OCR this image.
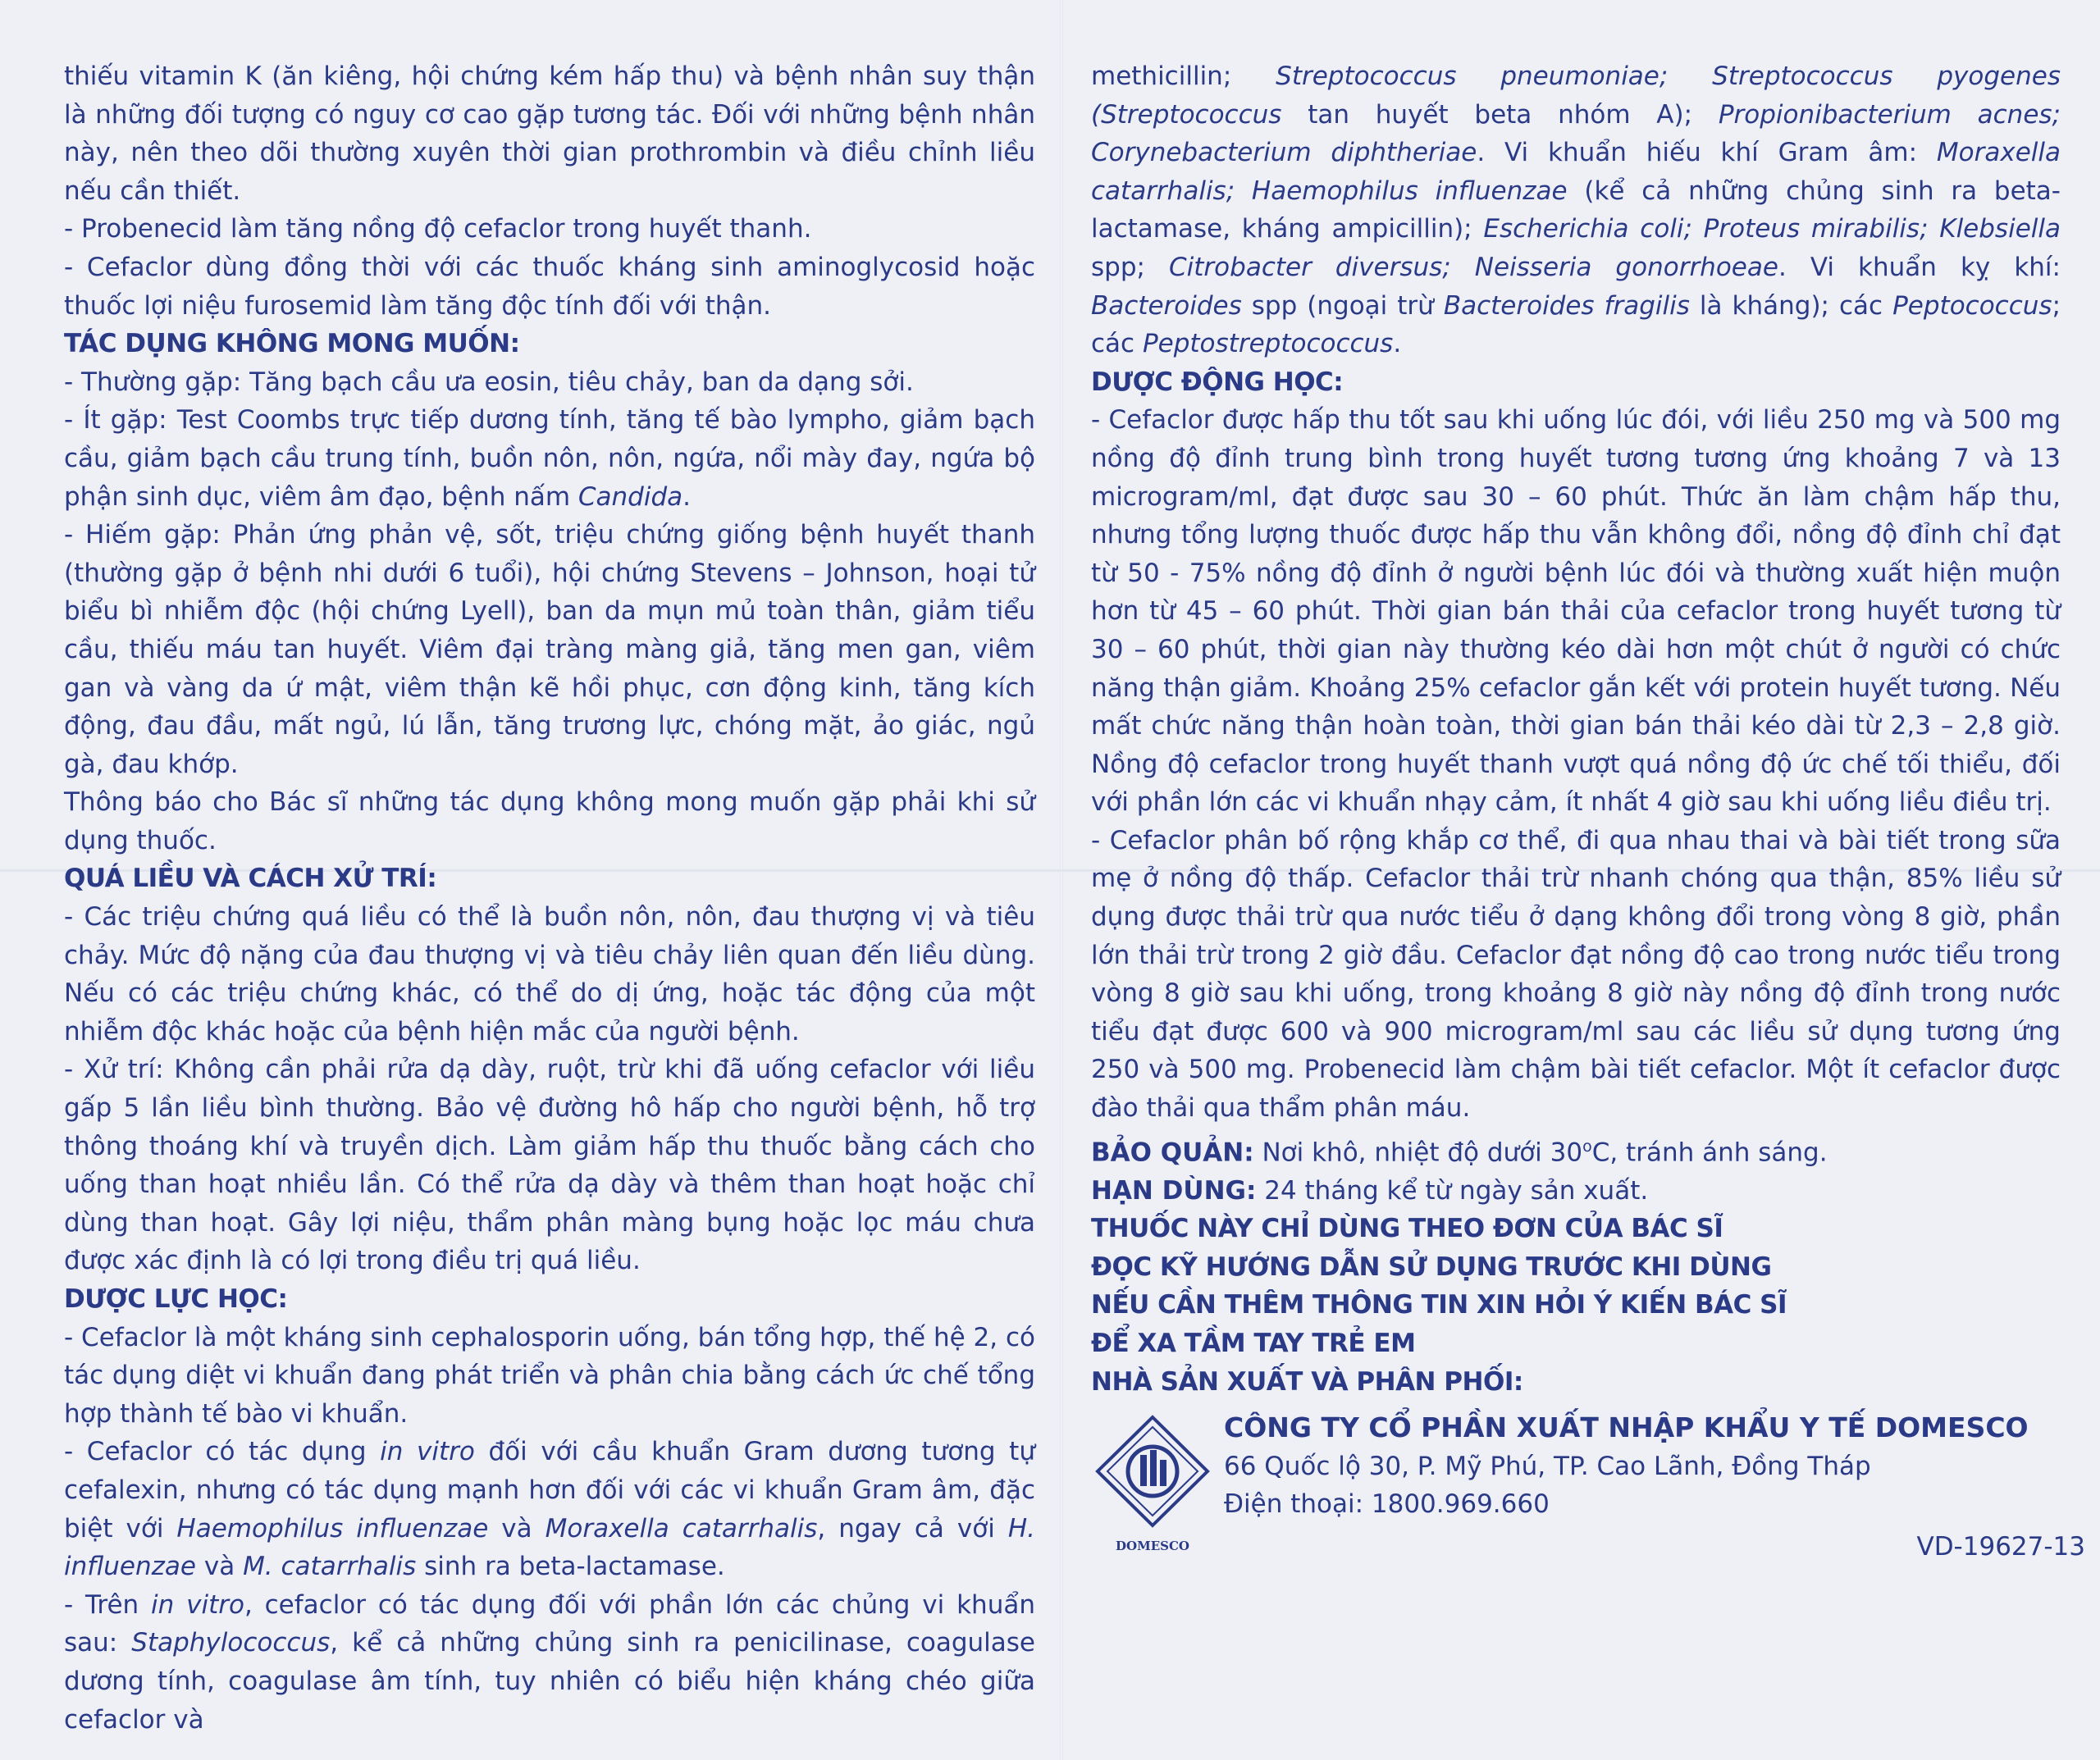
thiếu vitamin K (ăn kiêng, hội chứng kém hấp thu) và bệnh nhân suy thận là những đối tượng có nguy cơ cao gặp tương tác. Đối với những bệnh nhân này, nên theo dõi thường xuyên thời gian prothrombin và điều chỉnh liều nếu cần thiết.

- Probenecid làm tăng nồng độ cefaclor trong huyết thanh.

- Cefaclor dùng đồng thời với các thuốc kháng sinh aminoglycosid hoặc thuốc lợi niệu furosemid làm tăng độc tính đối với thận.

TÁC DỤNG KHÔNG MONG MUỐN:

- Thường gặp: Tăng bạch cầu ưa eosin, tiêu chảy, ban da dạng sởi.

- Ít gặp: Test Coombs trực tiếp dương tính, tăng tế bào lympho, giảm bạch cầu, giảm bạch cầu trung tính, buồn nôn, nôn, ngứa, nổi mày đay, ngứa bộ phận sinh dục, viêm âm đạo, bệnh nấm Candida.

- Hiếm gặp: Phản ứng phản vệ, sốt, triệu chứng giống bệnh huyết thanh (thường gặp ở bệnh nhi dưới 6 tuổi), hội chứng Stevens – Johnson, hoại tử biểu bì nhiễm độc (hội chứng Lyell), ban da mụn mủ toàn thân, giảm tiểu cầu, thiếu máu tan huyết. Viêm đại tràng màng giả, tăng men gan, viêm gan và vàng da ứ mật, viêm thận kẽ hồi phục, cơn động kinh, tăng kích động, đau đầu, mất ngủ, lú lẫn, tăng trương lực, chóng mặt, ảo giác, ngủ gà, đau khớp.

Thông báo cho Bác sĩ những tác dụng không mong muốn gặp phải khi sử dụng thuốc.

QUÁ LIỀU VÀ CÁCH XỬ TRÍ:

- Các triệu chứng quá liều có thể là buồn nôn, nôn, đau thượng vị và tiêu chảy. Mức độ nặng của đau thượng vị và tiêu chảy liên quan đến liều dùng. Nếu có các triệu chứng khác, có thể do dị ứng, hoặc tác động của một nhiễm độc khác hoặc của bệnh hiện mắc của người bệnh.

- Xử trí: Không cần phải rửa dạ dày, ruột, trừ khi đã uống cefaclor với liều gấp 5 lần liều bình thường. Bảo vệ đường hô hấp cho người bệnh, hỗ trợ thông thoáng khí và truyền dịch. Làm giảm hấp thu thuốc bằng cách cho uống than hoạt nhiều lần. Có thể rửa dạ dày và thêm than hoạt hoặc chỉ dùng than hoạt. Gây lợi niệu, thẩm phân màng bụng hoặc lọc máu chưa được xác định là có lợi trong điều trị quá liều.

DƯỢC LỰC HỌC:

- Cefaclor là một kháng sinh cephalosporin uống, bán tổng hợp, thế hệ 2, có tác dụng diệt vi khuẩn đang phát triển và phân chia bằng cách ức chế tổng hợp thành tế bào vi khuẩn.

- Cefaclor có tác dụng in vitro đối với cầu khuẩn Gram dương tương tự cefalexin, nhưng có tác dụng mạnh hơn đối với các vi khuẩn Gram âm, đặc biệt với Haemophilus influenzae và Moraxella catarrhalis, ngay cả với H. influenzae và M. catarrhalis sinh ra beta-lactamase.

- Trên in vitro, cefaclor có tác dụng đối với phần lớn các chủng vi khuẩn sau: Staphylococcus, kể cả những chủng sinh ra penicilinase, coagulase dương tính, coagulase âm tính, tuy nhiên có biểu hiện kháng chéo giữa cefaclor và

methicillin; Streptococcus pneumoniae; Streptococcus pyogenes (Streptococcus tan huyết beta nhóm A); Propionibacterium acnes; Corynebacterium diphtheriae. Vi khuẩn hiếu khí Gram âm: Moraxella catarrhalis; Haemophilus influenzae (kể cả những chủng sinh ra beta-lactamase, kháng ampicillin); Escherichia coli; Proteus mirabilis; Klebsiella spp; Citrobacter diversus; Neisseria gonorrhoeae. Vi khuẩn kỵ khí: Bacteroides spp (ngoại trừ Bacteroides fragilis là kháng); các Peptococcus; các Peptostreptococcus.

DƯỢC ĐỘNG HỌC:

- Cefaclor được hấp thu tốt sau khi uống lúc đói, với liều 250 mg và 500 mg nồng độ đỉnh trung bình trong huyết tương tương ứng khoảng 7 và 13 microgram/ml, đạt được sau 30 – 60 phút. Thức ăn làm chậm hấp thu, nhưng tổng lượng thuốc được hấp thu vẫn không đổi, nồng độ đỉnh chỉ đạt từ 50 - 75% nồng độ đỉnh ở người bệnh lúc đói và thường xuất hiện muộn hơn từ 45 – 60 phút. Thời gian bán thải của cefaclor trong huyết tương từ 30 – 60 phút, thời gian này thường kéo dài hơn một chút ở người có chức năng thận giảm. Khoảng 25% cefaclor gắn kết với protein huyết tương. Nếu mất chức năng thận hoàn toàn, thời gian bán thải kéo dài từ 2,3 – 2,8 giờ. Nồng độ cefaclor trong huyết thanh vượt quá nồng độ ức chế tối thiểu, đối với phần lớn các vi khuẩn nhạy cảm, ít nhất 4 giờ sau khi uống liều điều trị.

- Cefaclor phân bố rộng khắp cơ thể, đi qua nhau thai và bài tiết trong sữa mẹ ở nồng độ thấp. Cefaclor thải trừ nhanh chóng qua thận, 85% liều sử dụng được thải trừ qua nước tiểu ở dạng không đổi trong vòng 8 giờ, phần lớn thải trừ trong 2 giờ đầu. Cefaclor đạt nồng độ cao trong nước tiểu trong vòng 8 giờ sau khi uống, trong khoảng 8 giờ này nồng độ đỉnh trong nước tiểu đạt được 600 và 900 microgram/ml sau các liều sử dụng tương ứng 250 và 500 mg. Probenecid làm chậm bài tiết cefaclor. Một ít cefaclor được đào thải qua thẩm phân máu.

BẢO QUẢN: Nơi khô, nhiệt độ dưới 30$^o$C, tránh ánh sáng.

HẠN DÙNG: 24 tháng kể từ ngày sản xuất.

THUỐC NÀY CHỈ DÙNG THEO ĐƠN CỦA BÁC SĨ

ĐỌC KỸ HƯỚNG DẪN SỬ DỤNG TRƯỚC KHI DÙNG

NẾU CẦN THÊM THÔNG TIN XIN HỎI Ý KIẾN BÁC SĨ

ĐỂ XA TẦM TAY TRẺ EM

NHÀ SẢN XUẤT VÀ PHÂN PHỐI:

DOMESCO
CÔNG TY CỔ PHẦN XUẤT NHẬP KHẨU Y TẾ DOMESCO
66 Quốc lộ 30, P. Mỹ Phú, TP. Cao Lãnh, Đồng Tháp
Điện thoại: 1800.969.660
VD-19627-13
